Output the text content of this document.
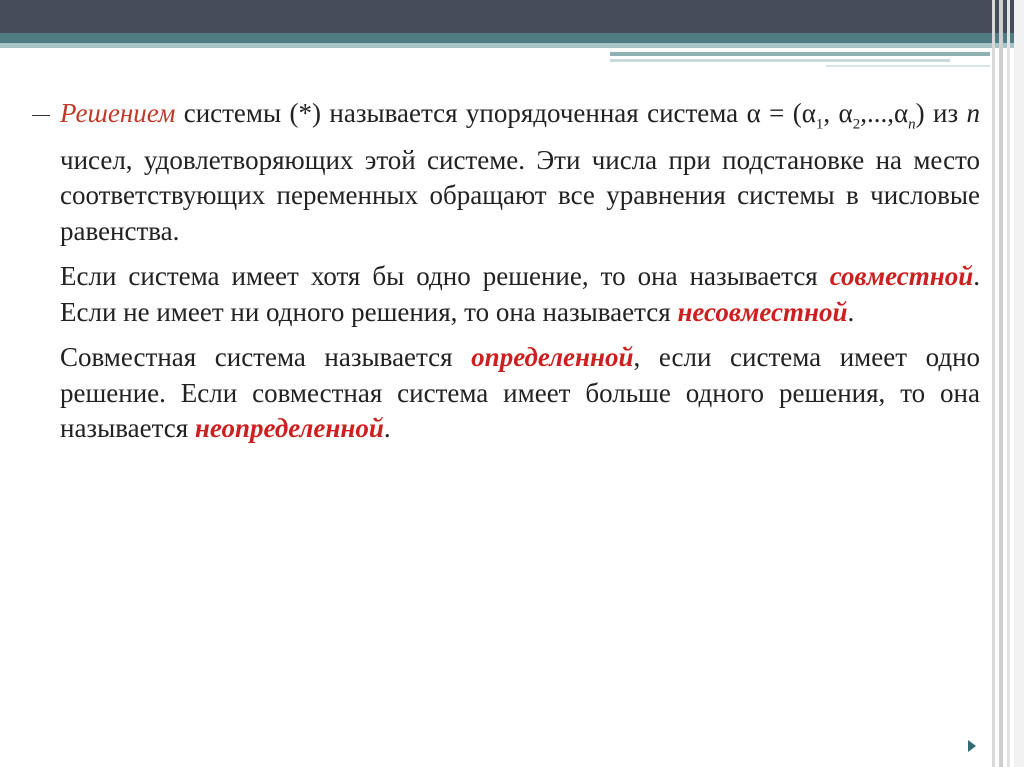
Решением системы (*) называется упорядоченная система $\alpha = (\alpha_1$, $\alpha_2,...,\alpha_n$) из n чисел, удовлетворяющих этой системе. Эти числа при подстановке на место соответствующих переменных обращают все уравнения системы в числовые равенства.

Если система имеет хотя бы одно решение, то она называется совместной. Если не имеет ни одного решения, то она называется несовместной.

Совместная система называется определенной, если система имеет одно решение. Если совместная система имеет больше одного решения, то она называется неопределенной.
